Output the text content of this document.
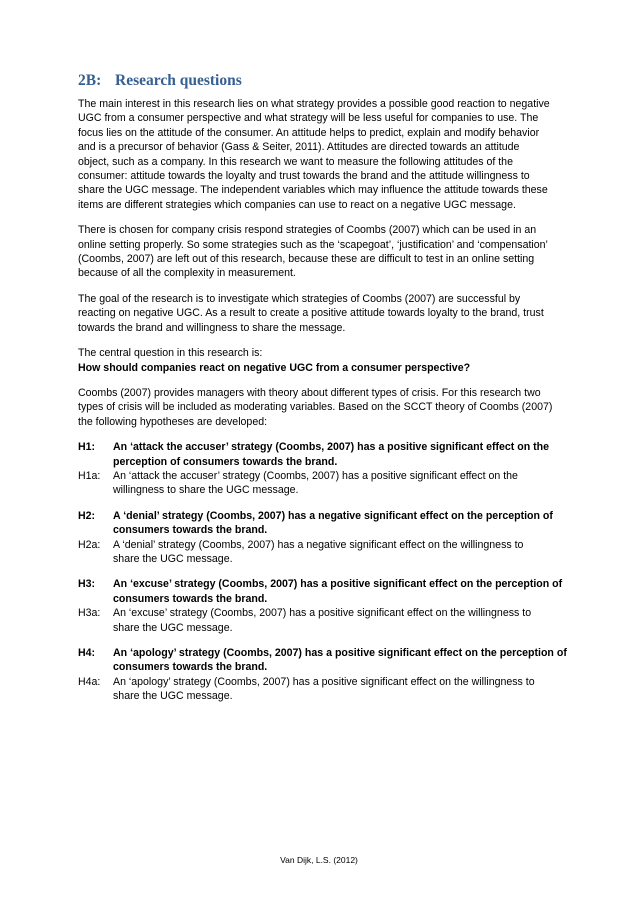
2B: Research questions
The main interest in this research lies on what strategy provides a possible good reaction to negative
UGC from a consumer perspective and what strategy will be less useful for companies to use. The
focus lies on the attitude of the consumer. An attitude helps to predict, explain and modify behavior
and is a precursor of behavior (Gass & Seiter, 2011). Attitudes are directed towards an attitude
object, such as a company. In this research we want to measure the following attitudes of the
consumer: attitude towards the loyalty and trust towards the brand and the attitude willingness to
share the UGC message. The independent variables which may influence the attitude towards these
items are different strategies which companies can use to react on a negative UGC message.
There is chosen for company crisis respond strategies of Coombs (2007) which can be used in an
online setting properly. So some strategies such as the ‘scapegoat’, ‘justification’ and ‘compensation’
(Coombs, 2007) are left out of this research, because these are difficult to test in an online setting
because of all the complexity in measurement.
The goal of the research is to investigate which strategies of Coombs (2007) are successful by
reacting on negative UGC. As a result to create a positive attitude towards loyalty to the brand, trust
towards the brand and willingness to share the message.
The central question in this research is:
How should companies react on negative UGC from a consumer perspective?
Coombs (2007) provides managers with theory about different types of crisis. For this research two
types of crisis will be included as moderating variables. Based on the SCCT theory of Coombs (2007)
the following hypotheses are developed:
H1:	An ‘attack the accuser’ strategy (Coombs, 2007) has a positive significant effect on the
perception of consumers towards the brand.
H1a:	An ‘attack the accuser’ strategy (Coombs, 2007) has a positive significant effect on the
willingness to share the UGC message.
H2:	A ‘denial’ strategy (Coombs, 2007) has a negative significant effect on the perception of
consumers towards the brand.
H2a:	A ‘denial’ strategy (Coombs, 2007) has a negative significant effect on the willingness to
share the UGC message.
H3:	An ‘excuse’ strategy (Coombs, 2007) has a positive significant effect on the perception of
consumers towards the brand.
H3a:	An ‘excuse’ strategy (Coombs, 2007) has a positive significant effect on the willingness to
share the UGC message.
H4:	An ‘apology’ strategy (Coombs, 2007) has a positive significant effect on the perception of
consumers towards the brand.
H4a:	An ‘apology’ strategy (Coombs, 2007) has a positive significant effect on the willingness to
share the UGC message.
Van Dijk, L.S. (2012)
